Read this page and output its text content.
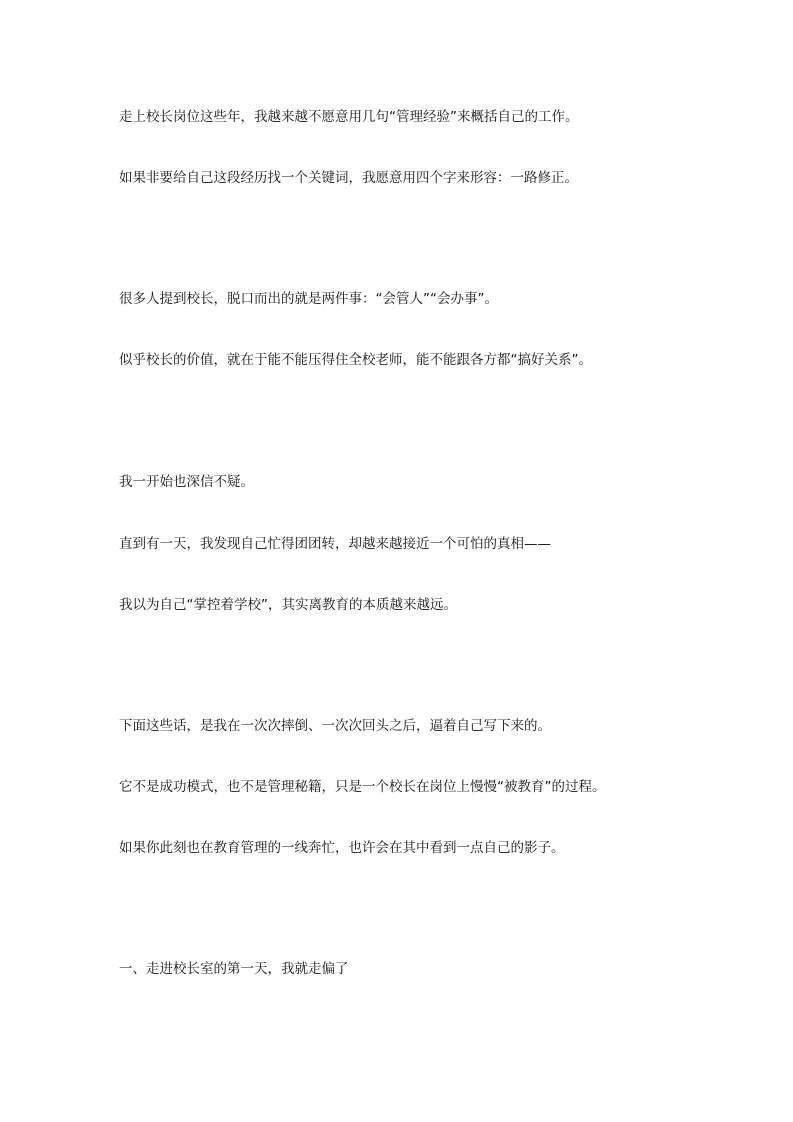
走上校长岗位这些年，我越来越不愿意用几句“管理经验”来概括自己的工作。

如果非要给自己这段经历找一个关键词，我愿意用四个字来形容：一路修正。

很多人提到校长，脱口而出的就是两件事：“会管人”“会办事”。

似乎校长的价值，就在于能不能压得住全校老师，能不能跟各方都“搞好关系”。

我一开始也深信不疑。

直到有一天，我发现自己忙得团团转，却越来越接近一个可怕的真相——

我以为自己“掌控着学校”，其实离教育的本质越来越远。

下面这些话，是我在一次次摔倒、一次次回头之后，逼着自己写下来的。

它不是成功模式，也不是管理秘籍，只是一个校长在岗位上慢慢“被教育”的过程。

如果你此刻也在教育管理的一线奔忙，也许会在其中看到一点自己的影子。

一、走进校长室的第一天，我就走偏了
